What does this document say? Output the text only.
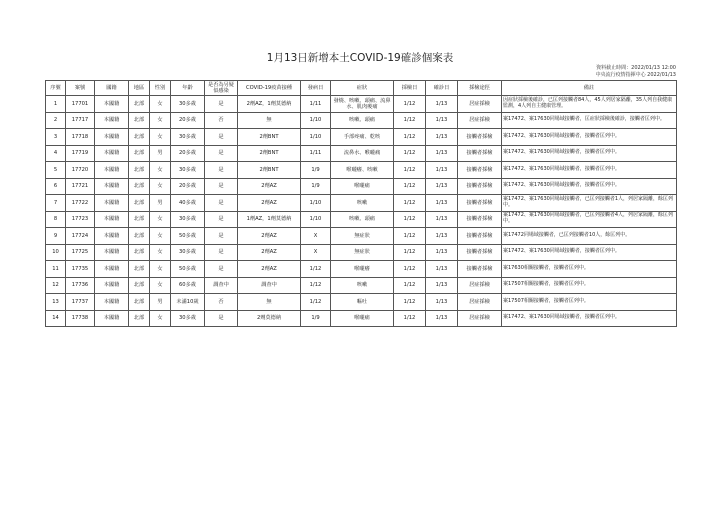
1月13日新增本土COVID-19確診個案表
資料截止時間：2022/01/13 12:00
中央流行疫情指揮中心 2022/01/13
序號	案號	國籍	地區	性別	年齡	是否為另疑似感染	COVID-19疫苗接種	發病日	症狀	採檢日	確診日	採檢途徑	備註
1	17701	本國籍	北部	女	30多歲	是	2劑AZ，1劑莫德納	1/11	發燒、咳嗽、頭痛、流鼻水、肌肉痠痛	1/12	1/13	居症採檢	因症狀採檢後確診，已匡列接觸者84人，45人列居家隔離，35人列自我健康監測，4人列自主健康管理。
2	17717	本國籍	北部	女	20多歲	否	無	1/10	咳嗽、頭痛	1/12	1/13	居症採檢	案17472、案17630同場域接觸者，匡症狀採檢後確診，接觸者匡列中。
3	17718	本國籍	北部	女	30多歲	是	2劑BNT	1/10	手部疼痛、乾咳	1/12	1/13	接觸者採檢	案17472、案17630同場域接觸者，接觸者匡列中。
4	17719	本國籍	北部	男	20多歲	是	2劑BNT	1/11	流鼻水、喉嚨痛	1/12	1/13	接觸者採檢	案17472、案17630同場域接觸者，接觸者匡列中。
5	17720	本國籍	北部	女	30多歲	是	2劑BNT	1/9	喉嚨癢、咳嗽	1/12	1/13	接觸者採檢	案17472、案17630同場域接觸者，接觸者匡列中。
6	17721	本國籍	北部	女	20多歲	是	2劑AZ	1/9	喉嚨痛	1/12	1/13	接觸者採檢	案17472、案17630同場域接觸者，接觸者匡列中。
7	17722	本國籍	北部	男	40多歲	是	2劑AZ	1/10	咳嗽	1/12	1/13	接觸者採檢	案17472、案17630同場域接觸者，已匡列接觸者1人，列居家隔離，餘匡列中。
8	17723	本國籍	北部	女	30多歲	是	1劑AZ，1劑莫德納	1/10	咳嗽、頭痛	1/12	1/13	接觸者採檢	案17472、案17630同場域接觸者，已匡列接觸者4人，列居家隔離，餘匡列中。
9	17724	本國籍	北部	女	50多歲	是	2劑AZ	X	無症狀	1/12	1/13	接觸者採檢	案17472同場域接觸者，已匡列接觸者10人，餘匡列中。
10	17725	本國籍	北部	女	30多歲	是	2劑AZ	X	無症狀	1/12	1/13	接觸者採檢	案17472、案17630同場域接觸者，接觸者匡列中。
11	17735	本國籍	北部	女	50多歲	是	2劑AZ	1/12	喉嚨癢	1/12	1/13	接觸者採檢	案17630相關接觸者，接觸者匡列中。
12	17736	本國籍	北部	女	60多歲	調查中	調查中	1/12	咳嗽	1/12	1/13	居症採檢	案17507相關接觸者，接觸者匡列中。
13	17737	本國籍	北部	男	未滿10歲	否	無	1/12	嘔吐	1/12	1/13	居症採檢	案17507相關接觸者，接觸者匡列中。
14	17738	本國籍	北部	女	30多歲	是	2劑莫德納	1/9	喉嚨痛	1/12	1/13	居症採檢	案17472、案17630同場域接觸者，接觸者匡列中。
